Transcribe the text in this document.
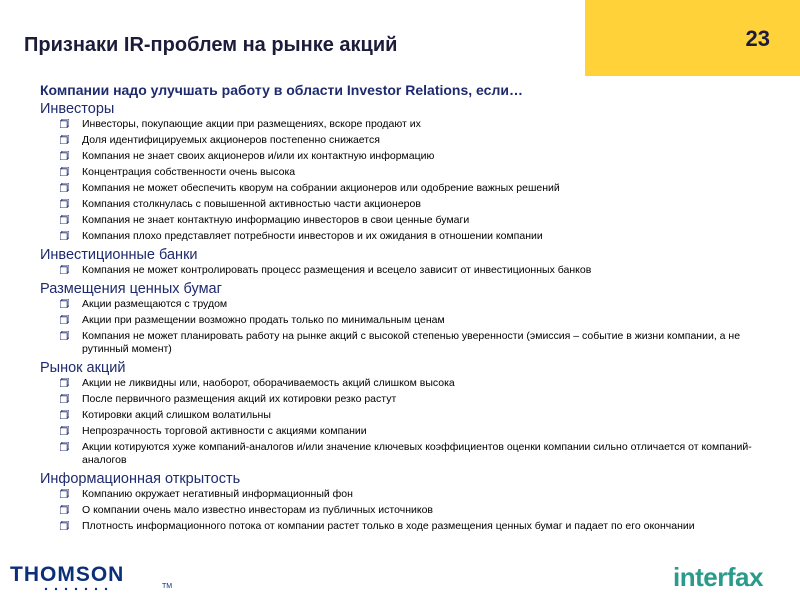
Признаки IR-проблем на рынке акций	23
Компании надо улучшать работу в области Investor Relations, если…
Инвесторы
Инвесторы, покупающие акции при размещениях, вскоре продают их
Доля идентифицируемых акционеров постепенно снижается
Компания не знает своих акционеров и/или их контактную информацию
Концентрация собственности очень высока
Компания не может обеспечить кворум на собрании акционеров или одобрение важных решений
Компания столкнулась с повышенной активностью части акционеров
Компания не знает контактную информацию инвесторов в свои ценные бумаги
Компания плохо представляет потребности инвесторов и их ожидания в отношении компании
Инвестиционные банки
Компания не может контролировать процесс размещения и всецело зависит от инвестиционных банков
Размещения ценных бумаг
Акции размещаются с трудом
Акции при размещении возможно продать только по минимальным ценам
Компания не может планировать работу на рынке акций с высокой степенью уверенности (эмиссия – событие в жизни компании, а не рутинный момент)
Рынок акций
Акции не ликвидны или, наоборот, оборачиваемость акций слишком высока
После первичного размещения акций их котировки резко растут
Котировки акций слишком волатильны
Непрозрачность торговой активности с акциями компании
Акции котируются хуже компаний-аналогов и/или значение ключевых коэффициентов оценки компании сильно отличается от компаний-аналогов
Информационная открытость
Компанию окружает негативный информационный фон
О компании очень мало известно инвесторам из публичных источников
Плотность информационного потока от компании растет только в ходе размещения ценных бумаг и падает по его окончании
THOMSON
TM	interfax
